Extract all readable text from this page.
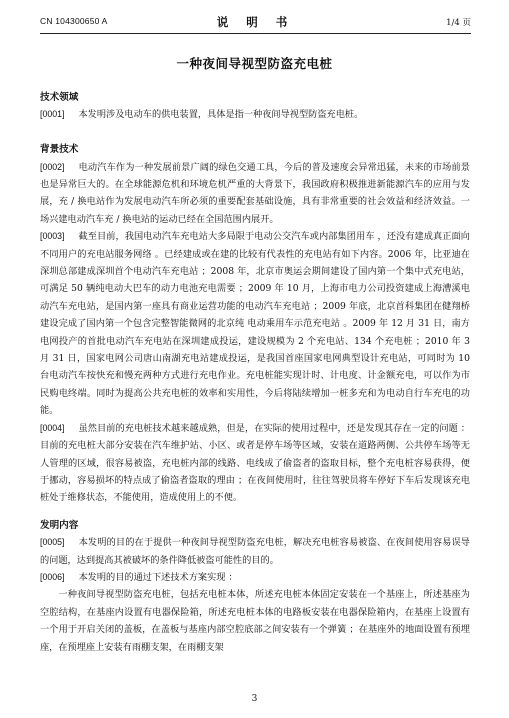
CN 104300650 A	说 明 书	1/4 页
一种夜间导视型防盗充电桩
技术领域

[0001] 本发明涉及电动车的供电装置，具体是指一种夜间导视型防盗充电桩。

背景技术

[0002] 电动汽车作为一种发展前景广阔的绿色交通工具，今后的普及速度会异常迅猛，未来的市场前景也是异常巨大的。在全球能源危机和环境危机严重的大背景下，我国政府积极推进新能源汽车的应用与发展，充 / 换电站作为发展电动汽车所必须的重要配套基础设施，具有非常重要的社会效益和经济效益。一场兴建电动汽车充 / 换电站的运动已经在全国范围内展开。

[0003] 截至目前，我国电动汽车充电站大多局限于电动公交汽车或内部集团用车 ，还没有建成真正面向不同用户的充电站服务网络 。已经建成或在建的比较有代表性的充电站有如下内容。2006 年，比亚迪在深圳总部建成深圳首个电动汽车充电站 ；2008 年，北京市奥运会期间建设了国内第一个集中式充电站，可满足 50 辆纯电动大巴车的动力电池充电需要 ；2009 年 10 月，上海市电力公司投资建成上海漕溪电动汽车充电站，是国内第一座具有商业运营功能的电动汽车充电站 ；2009 年底，北京首科集团在健翔桥建设完成了国内第一个包含完整智能微网的北京纯 电动乘用车示范充电站 。2009 年 12 月 31 日，南方电网投产的首批电动汽车充电站在深圳建成投运，建设规模为 2 个充电站、134 个充电桩 ；2010 年 3 月 31 日，国家电网公司唐山南湖充电站建成投运，是我国首座国家电网典型设计充电站，可同时为 10 台电动汽车按快充和慢充两种方式进行充电作业。充电桩能实现计时、计电度、计金额充电，可以作为市民购电终端。同时为提高公共充电桩的效率和实用性，今后将陆续增加一桩多充和为电动自行车充电的功能。

[0004] 虽然目前的充电桩技术越来越成熟，但是，在实际的使用过程中，还是发现其存在一定的问题 ：目前的充电桩大部分安装在汽车维护站、小区、或者是停车场等区域，安装在道路两侧、公共停车场等无人管理的区域，很容易被盗，充电桩内部的线路、电线成了偷盗者的盗取目标，整个充电桩容易获得，便于挪动，容易损坏的特点成了偷盗者盗取的理由 ；在夜间使用时，往往驾驶员将车停好下车后发现该充电桩处于维修状态，不能使用，造成使用上的不便。

发明内容

[0005] 本发明的目的在于提供一种夜间导视型防盗充电桩，解决充电桩容易被盗、在夜间使用容易误导的问题，达到提高其被破坏的条件降低被盗可能性的目的。

[0006] 本发明的目的通过下述技术方案实现 ：

一种夜间导视型防盗充电桩，包括充电桩本体，所述充电桩本体固定安装在一个基座上，所述基座为空腔结构，在基座内设置有电器保险箱，所述充电桩本体的电路板安装在电器保险箱内，在基座上设置有一个用于开启关闭的盖板，在盖板与基座内部空腔底部之间安装有一个弹簧 ；在基座外的地面设置有预埋座，在预埋座上安装有雨棚支架，在雨棚支架

3
